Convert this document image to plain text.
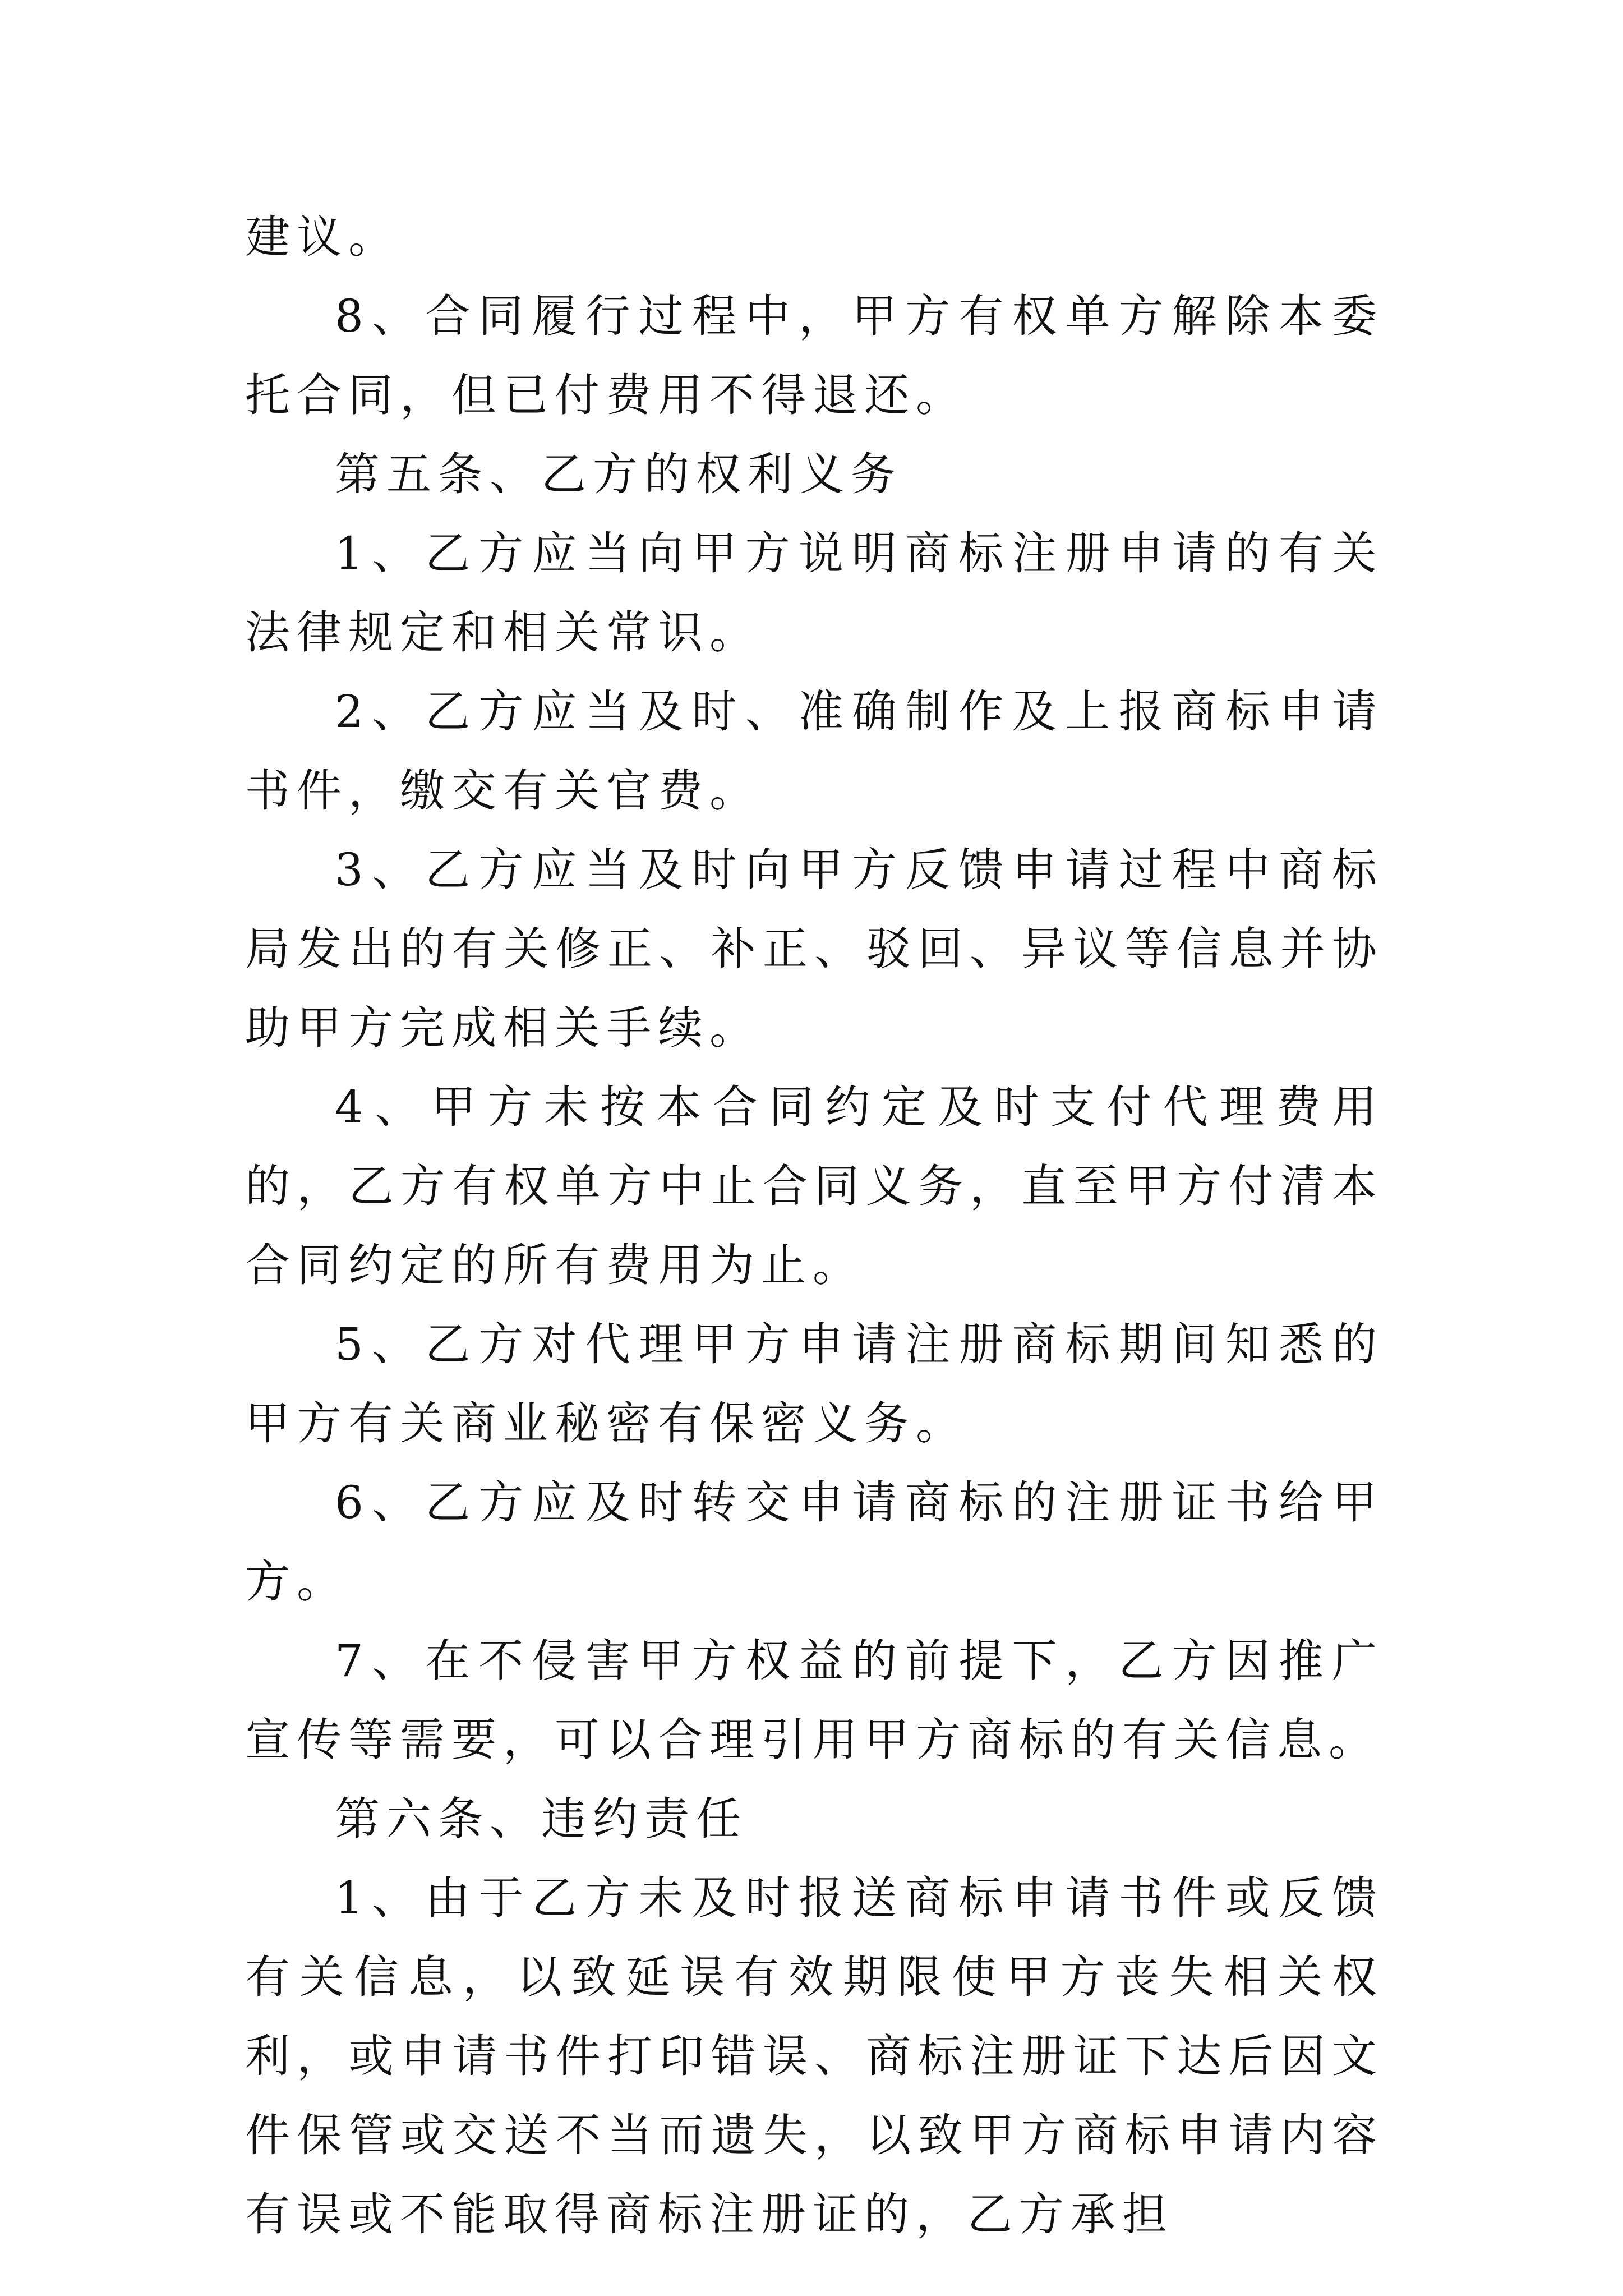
建议。

8、合同履行过程中，甲方有权单方解除本委托合同，但已付费用不得退还。

第五条、乙方的权利义务

1、乙方应当向甲方说明商标注册申请的有关法律规定和相关常识。

2、乙方应当及时、准确制作及上报商标申请书件，缴交有关官费。

3、乙方应当及时向甲方反馈申请过程中商标局发出的有关修正、补正、驳回、异议等信息并协助甲方完成相关手续。

4、甲方未按本合同约定及时支付代理费用的，乙方有权单方中止合同义务，直至甲方付清本合同约定的所有费用为止。

5、乙方对代理甲方申请注册商标期间知悉的甲方有关商业秘密有保密义务。

6、乙方应及时转交申请商标的注册证书给甲方。

7、在不侵害甲方权益的前提下，乙方因推广宣传等需要，可以合理引用甲方商标的有关信息。

第六条、违约责任

1、由于乙方未及时报送商标申请书件或反馈有关信息，以致延误有效期限使甲方丧失相关权利，或申请书件打印错误、商标注册证下达后因文件保管或交送不当而遗失，以致甲方商标申请内容有误或不能取得商标注册证的，乙方承担
